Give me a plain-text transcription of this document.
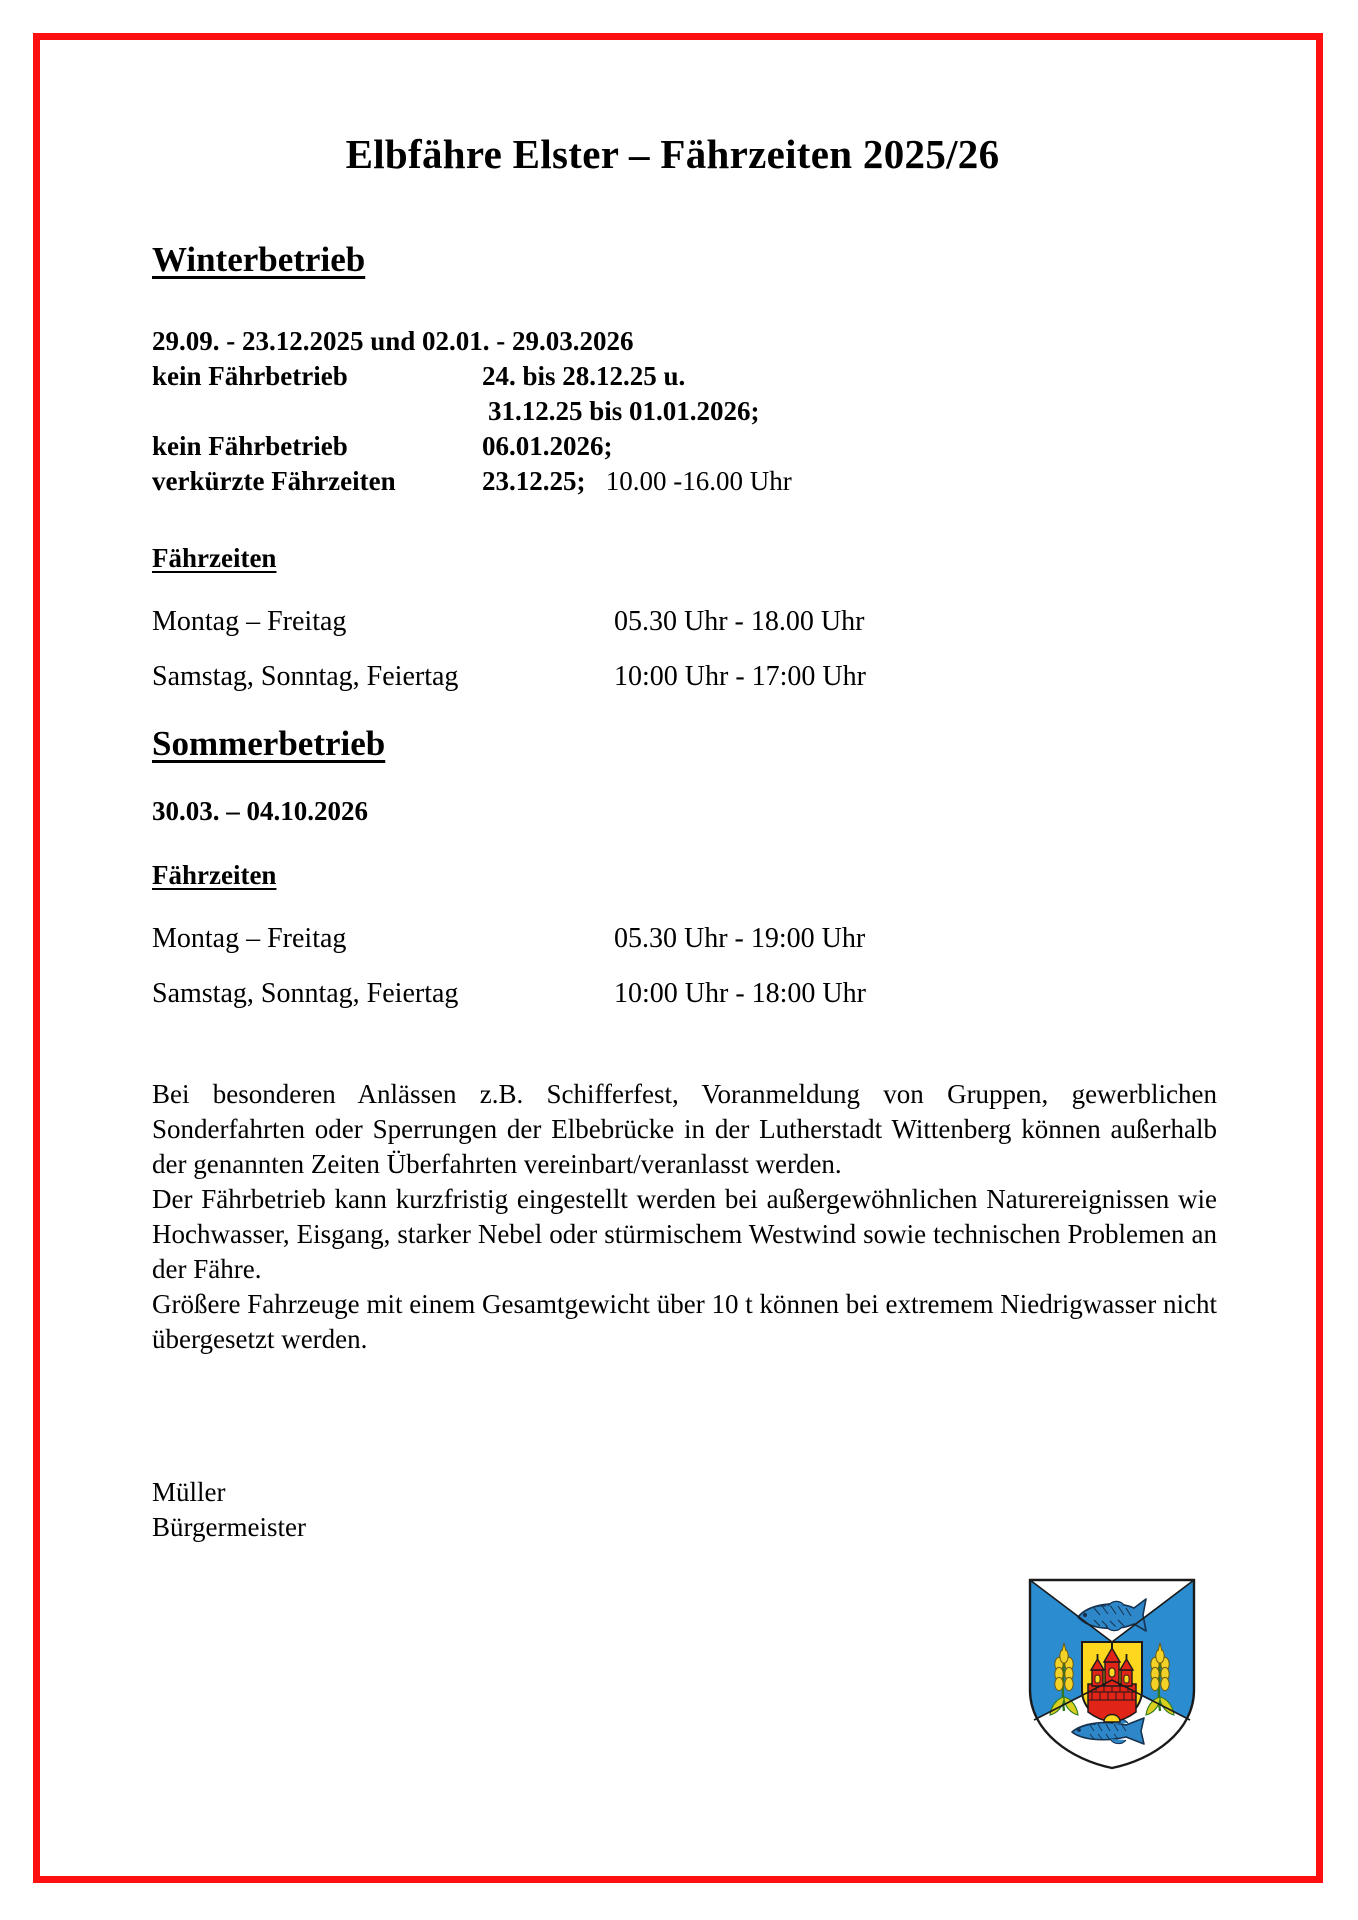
Elbfähre Elster – Fährzeiten 2025/26
Winterbetrieb
29.09. - 23.12.2025 und 02.01. - 29.03.2026
kein Fährbetrieb	24. bis 28.12.25 u.
31.12.25 bis 01.01.2026;
kein Fährbetrieb	06.01.2026;
verkürzte Fährzeiten	23.12.25; 10.00 -16.00 Uhr
Fährzeiten
Montag – Freitag	05.30 Uhr - 18.00 Uhr
Samstag, Sonntag, Feiertag	10:00 Uhr - 17:00 Uhr
Sommerbetrieb
30.03. – 04.10.2026
Fährzeiten
Montag – Freitag	05.30 Uhr - 19:00 Uhr
Samstag, Sonntag, Feiertag	10:00 Uhr - 18:00 Uhr

Bei besonderen Anlässen z.B. Schifferfest, Voranmeldung von Gruppen, gewerblichen Sonderfahrten oder Sperrungen der Elbebrücke in der Lutherstadt Wittenberg können außerhalb der genannten Zeiten Überfahrten vereinbart/veranlasst werden.

Der Fährbetrieb kann kurzfristig eingestellt werden bei außergewöhnlichen Naturereignissen wie Hochwasser, Eisgang, starker Nebel oder stürmischem Westwind sowie technischen Problemen an der Fähre.

Größere Fahrzeuge mit einem Gesamtgewicht über 10 t können bei extremem Niedrigwasser nicht übergesetzt werden.

Müller
Bürgermeister
